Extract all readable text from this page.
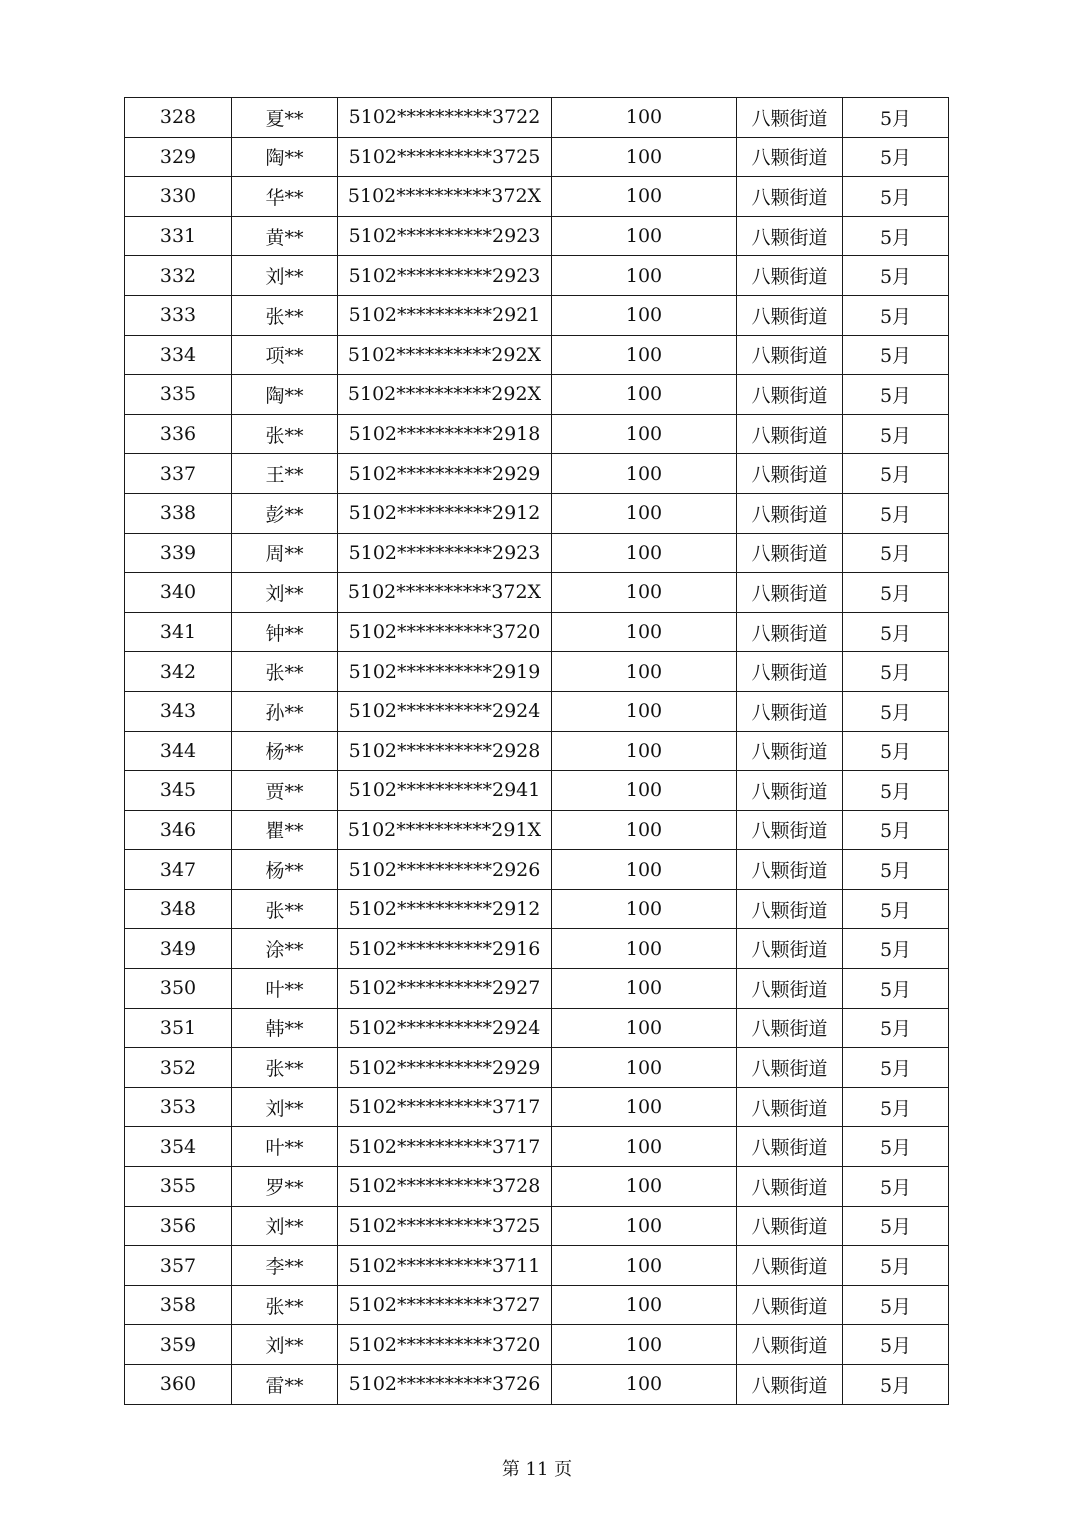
328	夏**	5102**********3722	100	八颗街道	5月
329	陶**	5102**********3725	100	八颗街道	5月
330	华**	5102**********372X	100	八颗街道	5月
331	黄**	5102**********2923	100	八颗街道	5月
332	刘**	5102**********2923	100	八颗街道	5月
333	张**	5102**********2921	100	八颗街道	5月
334	项**	5102**********292X	100	八颗街道	5月
335	陶**	5102**********292X	100	八颗街道	5月
336	张**	5102**********2918	100	八颗街道	5月
337	王**	5102**********2929	100	八颗街道	5月
338	彭**	5102**********2912	100	八颗街道	5月
339	周**	5102**********2923	100	八颗街道	5月
340	刘**	5102**********372X	100	八颗街道	5月
341	钟**	5102**********3720	100	八颗街道	5月
342	张**	5102**********2919	100	八颗街道	5月
343	孙**	5102**********2924	100	八颗街道	5月
344	杨**	5102**********2928	100	八颗街道	5月
345	贾**	5102**********2941	100	八颗街道	5月
346	瞿**	5102**********291X	100	八颗街道	5月
347	杨**	5102**********2926	100	八颗街道	5月
348	张**	5102**********2912	100	八颗街道	5月
349	涂**	5102**********2916	100	八颗街道	5月
350	叶**	5102**********2927	100	八颗街道	5月
351	韩**	5102**********2924	100	八颗街道	5月
352	张**	5102**********2929	100	八颗街道	5月
353	刘**	5102**********3717	100	八颗街道	5月
354	叶**	5102**********3717	100	八颗街道	5月
355	罗**	5102**********3728	100	八颗街道	5月
356	刘**	5102**********3725	100	八颗街道	5月
357	李**	5102**********3711	100	八颗街道	5月
358	张**	5102**********3727	100	八颗街道	5月
359	刘**	5102**********3720	100	八颗街道	5月
360	雷**	5102**********3726	100	八颗街道	5月
第 11 页
